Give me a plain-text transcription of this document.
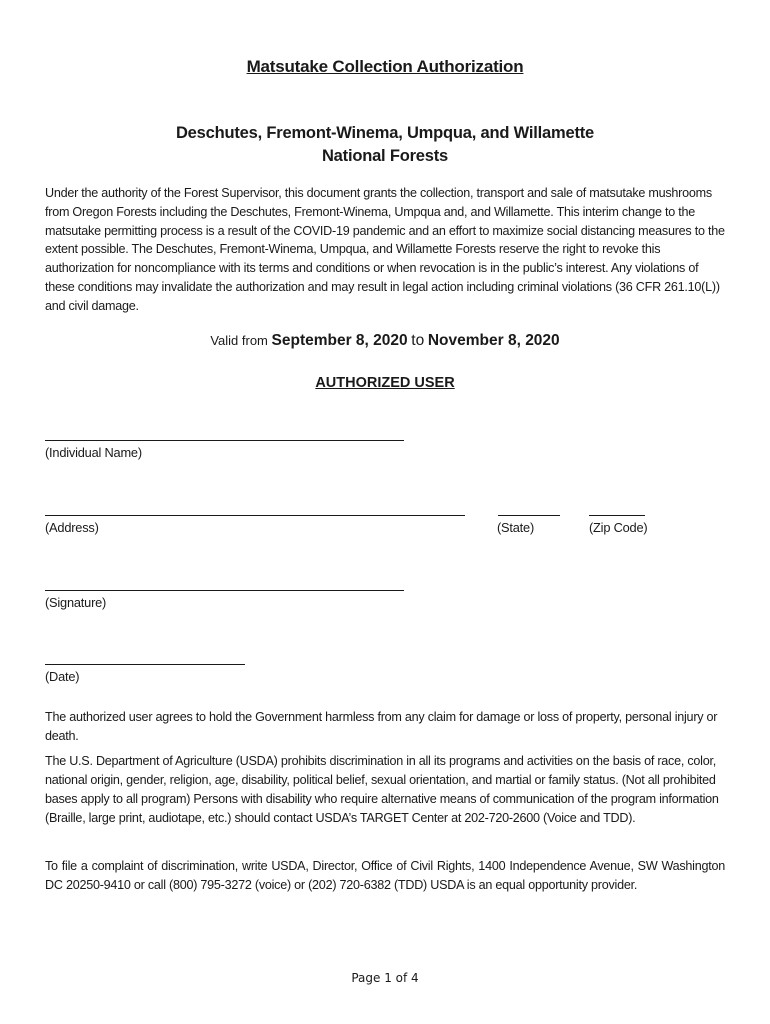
Matsutake Collection Authorization
Deschutes, Fremont-Winema, Umpqua, and Willamette
National Forests
Under the authority of the Forest Supervisor, this document grants the collection, transport and sale of matsutake mushrooms from Oregon Forests including the Deschutes, Fremont-Winema, Umpqua and, and Willamette. This interim change to the matsutake permitting process is a result of the COVID-19 pandemic and an effort to maximize social distancing measures to the extent possible. The Deschutes, Fremont-Winema, Umpqua, and Willamette Forests reserve the right to revoke this authorization for noncompliance with its terms and conditions or when revocation is in the public’s interest. Any violations of these conditions may invalidate the authorization and may result in legal action including criminal violations (36 CFR 261.10(L)) and civil damage.
Valid from September 8, 2020 to November 8, 2020
AUTHORIZED USER
(Individual Name)
(Address)	(State)	(Zip Code)
(Signature)
(Date)
The authorized user agrees to hold the Government harmless from any claim for damage or loss of property, personal injury or death.
The U.S. Department of Agriculture (USDA) prohibits discrimination in all its programs and activities on the basis of race, color, national origin, gender, religion, age, disability, political belief, sexual orientation, and martial or family status. (Not all prohibited bases apply to all program) Persons with disability who require alternative means of communication of the program information (Braille, large print, audiotape, etc.) should contact USDA’s TARGET Center at 202-720-2600 (Voice and TDD).
To file a complaint of discrimination, write USDA, Director, Office of Civil Rights, 1400 Independence Avenue, SW Washington DC 20250-9410 or call (800) 795-3272 (voice) or (202) 720-6382 (TDD) USDA is an equal opportunity provider.
Page 1 of 4
